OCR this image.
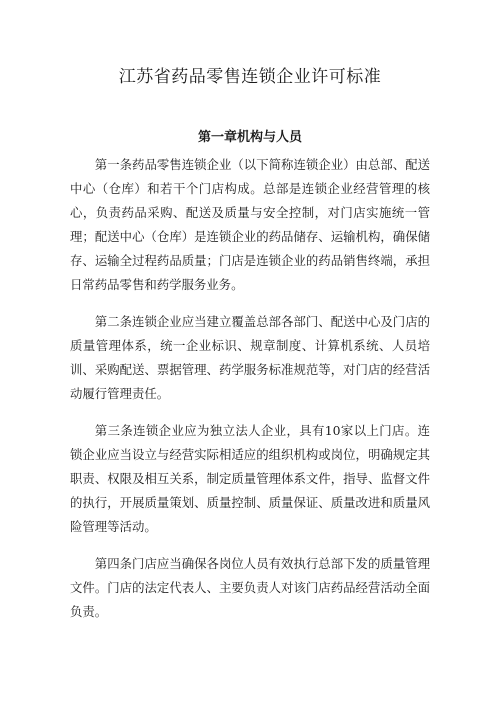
江苏省药品零售连锁企业许可标准
第一章机构与人员

第一条药品零售连锁企业（以下简称连锁企业）由总部、配送中心（仓库）和若干个门店构成。总部是连锁企业经营管理的核心，负责药品采购、配送及质量与安全控制，对门店实施统一管理；配送中心（仓库）是连锁企业的药品储存、运输机构，确保储存、运输全过程药品质量；门店是连锁企业的药品销售终端，承担日常药品零售和药学服务业务。

第二条连锁企业应当建立覆盖总部各部门、配送中心及门店的质量管理体系，统一企业标识、规章制度、计算机系统、人员培训、采购配送、票据管理、药学服务标准规范等，对门店的经营活动履行管理责任。

第三条连锁企业应为独立法人企业，具有10家以上门店。连锁企业应当设立与经营实际相适应的组织机构或岗位，明确规定其职责、权限及相互关系，制定质量管理体系文件，指导、监督文件的执行，开展质量策划、质量控制、质量保证、质量改进和质量风险管理等活动。

第四条门店应当确保各岗位人员有效执行总部下发的质量管理文件。门店的法定代表人、主要负责人对该门店药品经营活动全面负责。
